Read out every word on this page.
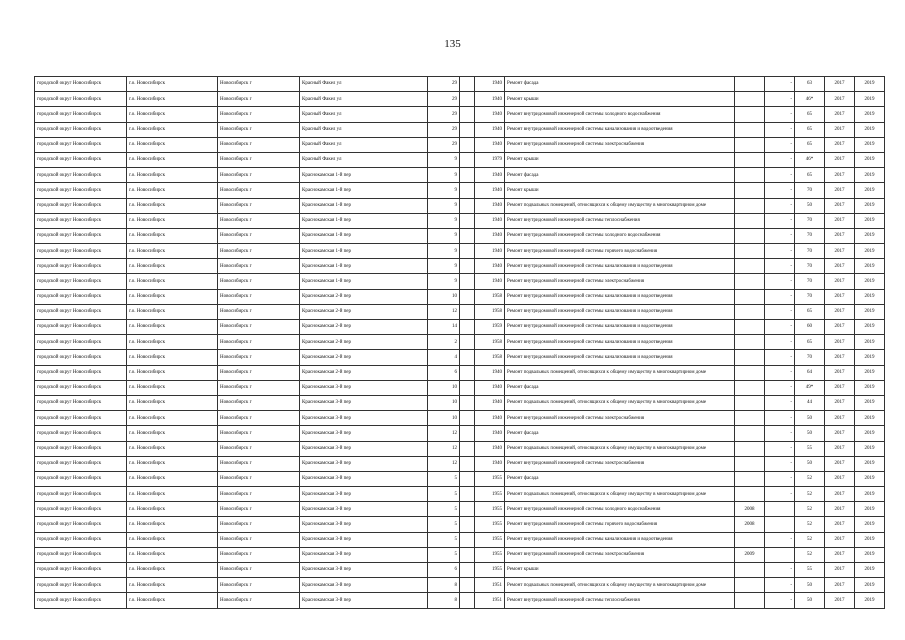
135
городской округ Новосибирск	г.о. Новосибирск	Новосибирск г	Красный Факел ул	29		1940	Ремонт фасада		-	63	2017	2019
городской округ Новосибирск	г.о. Новосибирск	Новосибирск г	Красный Факел ул	29		1940	Ремонт крыши		-	46*	2017	2019
городской округ Новосибирск	г.о. Новосибирск	Новосибирск г	Красный Факел ул	29		1940	Ремонт внутридомовой инженерной системы холодного водоснабжения		-	65	2017	2019
городской округ Новосибирск	г.о. Новосибирск	Новосибирск г	Красный Факел ул	29		1940	Ремонт внутридомовой инженерной системы канализования и водоотведения		-	65	2017	2019
городской округ Новосибирск	г.о. Новосибирск	Новосибирск г	Красный Факел ул	29		1940	Ремонт внутридомовой инженерной системы электроснабжения		-	65	2017	2019
городской округ Новосибирск	г.о. Новосибирск	Новосибирск г	Красный Факел ул	9		1979	Ремонт крыши		-	46*	2017	2019
городской округ Новосибирск	г.о. Новосибирск	Новосибирск г	Краснокамская 1-й пер	9		1940	Ремонт фасада		-	65	2017	2019
городской округ Новосибирск	г.о. Новосибирск	Новосибирск г	Краснокамская 1-й пер	9		1940	Ремонт крыши		-	70	2017	2019
городской округ Новосибирск	г.о. Новосибирск	Новосибирск г	Краснокамская 1-й пер	9		1940	Ремонт подвальных помещений, относящихся к общему имуществу в многоквартирном доме		-	50	2017	2019
городской округ Новосибирск	г.о. Новосибирск	Новосибирск г	Краснокамская 1-й пер	9		1940	Ремонт внутридомовой инженерной системы теплоснабжения		-	70	2017	2019
городской округ Новосибирск	г.о. Новосибирск	Новосибирск г	Краснокамская 1-й пер	9		1940	Ремонт внутридомовой инженерной системы холодного водоснабжения		-	70	2017	2019
городской округ Новосибирск	г.о. Новосибирск	Новосибирск г	Краснокамская 1-й пер	9		1940	Ремонт внутридомовой инженерной системы горячего водоснабжения		-	70	2017	2019
городской округ Новосибирск	г.о. Новосибирск	Новосибирск г	Краснокамская 1-й пер	9		1940	Ремонт внутридомовой инженерной системы канализования и водоотведения		-	70	2017	2019
городской округ Новосибирск	г.о. Новосибирск	Новосибирск г	Краснокамская 1-й пер	9		1940	Ремонт внутридомовой инженерной системы электроснабжения		-	70	2017	2019
городской округ Новосибирск	г.о. Новосибирск	Новосибирск г	Краснокамская 2-й пер	10		1958	Ремонт внутридомовой инженерной системы канализования и водоотведения		-	70	2017	2019
городской округ Новосибирск	г.о. Новосибирск	Новосибирск г	Краснокамская 2-й пер	12		1958	Ремонт внутридомовой инженерной системы канализования и водоотведения		-	65	2017	2019
городской округ Новосибирск	г.о. Новосибирск	Новосибирск г	Краснокамская 2-й пер	14		1959	Ремонт внутридомовой инженерной системы канализования и водоотведения		-	60	2017	2019
городской округ Новосибирск	г.о. Новосибирск	Новосибирск г	Краснокамская 2-й пер	2		1958	Ремонт внутридомовой инженерной системы канализования и водоотведения		-	65	2017	2019
городской округ Новосибирск	г.о. Новосибирск	Новосибирск г	Краснокамская 2-й пер	4		1958	Ремонт внутридомовой инженерной системы канализования и водоотведения		-	70	2017	2019
городской округ Новосибирск	г.о. Новосибирск	Новосибирск г	Краснокамская 2-й пер	6		1940	Ремонт подвальных помещений, относящихся к общему имуществу в многоквартирном доме		-	64	2017	2019
городской округ Новосибирск	г.о. Новосибирск	Новосибирск г	Краснокамская 3-й пер	10		1940	Ремонт фасада		-	49*	2017	2019
городской округ Новосибирск	г.о. Новосибирск	Новосибирск г	Краснокамская 3-й пер	10		1940	Ремонт подвальных помещений, относящихся к общему имуществу в многоквартирном доме		-	44	2017	2019
городской округ Новосибирск	г.о. Новосибирск	Новосибирск г	Краснокамская 3-й пер	10		1940	Ремонт внутридомовой инженерной системы электроснабжения		-	50	2017	2019
городской округ Новосибирск	г.о. Новосибирск	Новосибирск г	Краснокамская 3-й пер	12		1940	Ремонт фасада		-	50	2017	2019
городской округ Новосибирск	г.о. Новосибирск	Новосибирск г	Краснокамская 3-й пер	12		1940	Ремонт подвальных помещений, относящихся к общему имуществу в многоквартирном доме		-	55	2017	2019
городской округ Новосибирск	г.о. Новосибирск	Новосибирск г	Краснокамская 3-й пер	12		1940	Ремонт внутридомовой инженерной системы электроснабжения		-	50	2017	2019
городской округ Новосибирск	г.о. Новосибирск	Новосибирск г	Краснокамская 3-й пер	5		1955	Ремонт фасада		-	52	2017	2019
городской округ Новосибирск	г.о. Новосибирск	Новосибирск г	Краснокамская 3-й пер	5		1955	Ремонт подвальных помещений, относящихся к общему имуществу в многоквартирном доме		-	52	2017	2019
городской округ Новосибирск	г.о. Новосибирск	Новосибирск г	Краснокамская 3-й пер	5		1955	Ремонт внутридомовой инженерной системы холодного водоснабжения	2008		52	2017	2019
городской округ Новосибирск	г.о. Новосибирск	Новосибирск г	Краснокамская 3-й пер	5		1955	Ремонт внутридомовой инженерной системы горячего водоснабжения	2008		52	2017	2019
городской округ Новосибирск	г.о. Новосибирск	Новосибирск г	Краснокамская 3-й пер	5		1955	Ремонт внутридомовой инженерной системы канализования и водоотведения		-	52	2017	2019
городской округ Новосибирск	г.о. Новосибирск	Новосибирск г	Краснокамская 3-й пер	5		1955	Ремонт внутридомовой инженерной системы электроснабжения	2009		52	2017	2019
городской округ Новосибирск	г.о. Новосибирск	Новосибирск г	Краснокамская 3-й пер	6		1955	Ремонт крыши		-	55	2017	2019
городской округ Новосибирск	г.о. Новосибирск	Новосибирск г	Краснокамская 3-й пер	8		1951	Ремонт подвальных помещений, относящихся к общему имуществу в многоквартирном доме		-	50	2017	2019
городской округ Новосибирск	г.о. Новосибирск	Новосибирск г	Краснокамская 3-й пер	8		1951	Ремонт внутридомовой инженерной системы теплоснабжения		-	50	2017	2019
